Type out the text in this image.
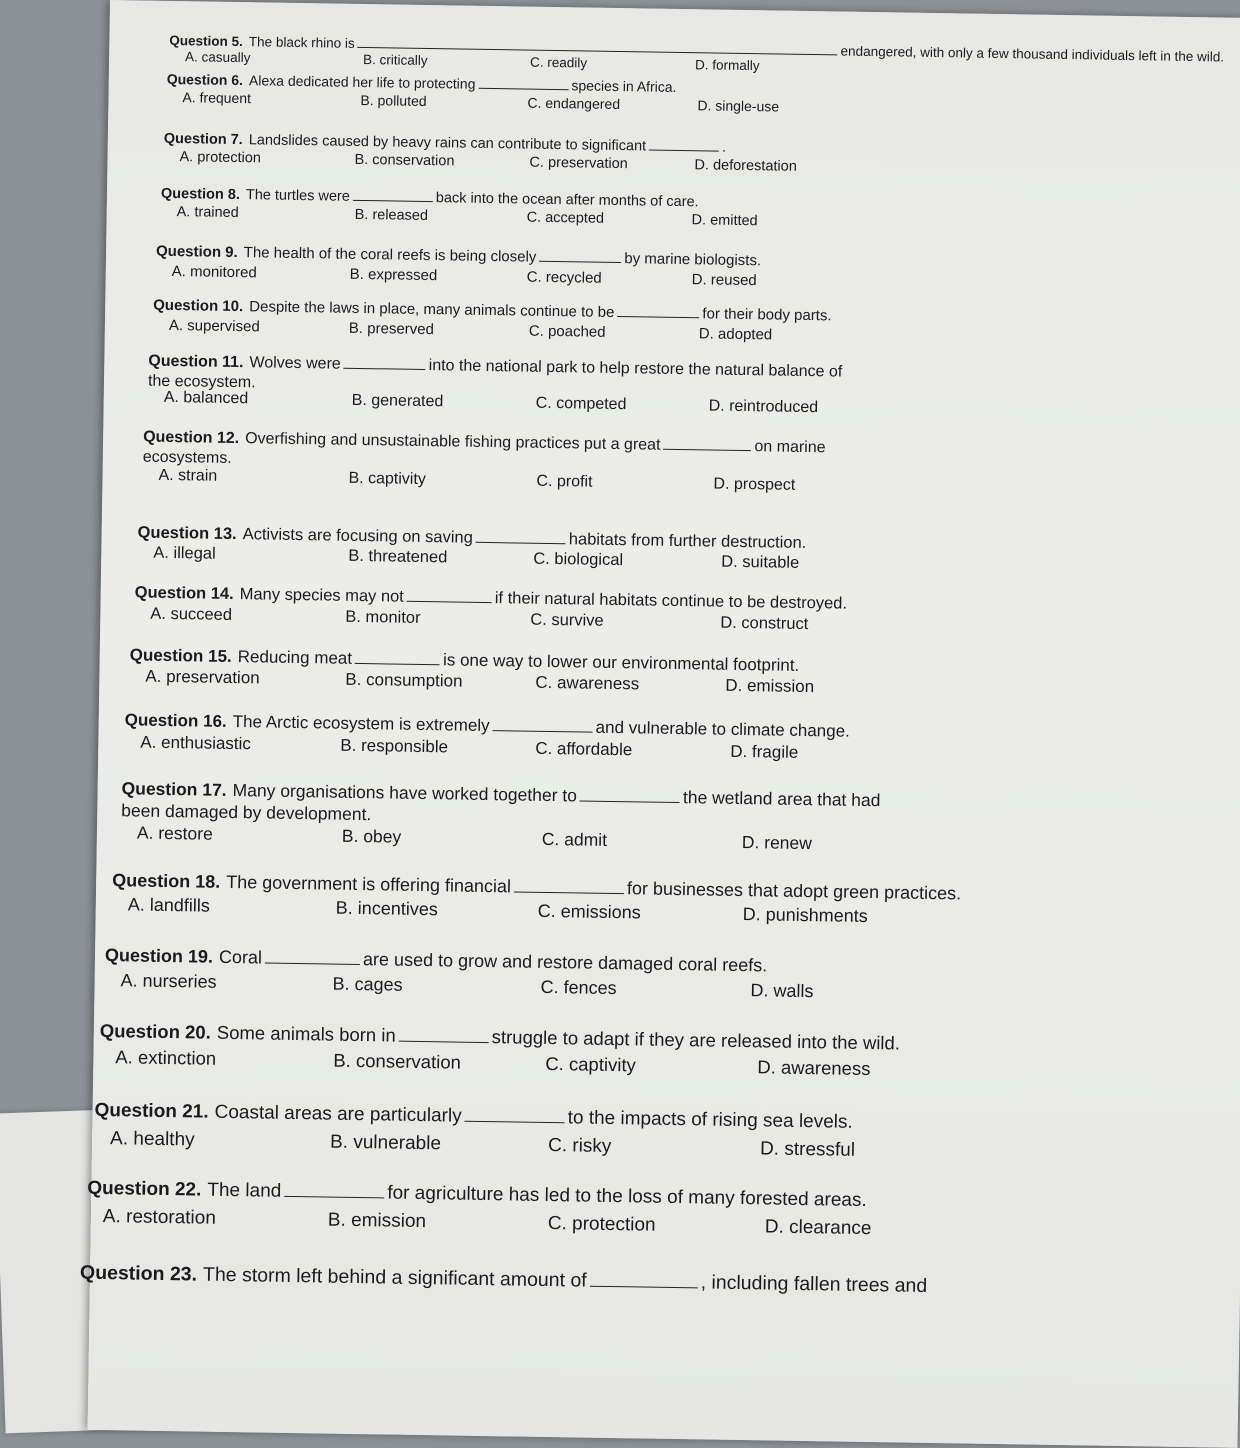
Question 5. The black rhino is
endangered, with only a few thousand individuals left in the wild.
A. casually	B. critically	C. readily	D. formally
Question 6. Alexa dedicated her life to protecting	species in Africa.
A. frequent	B. polluted	C. endangered	D. single-use
Question 7. Landslides caused by heavy rains can contribute to significant	.
A. protection	B. conservation	C. preservation	D. deforestation
Question 8. The turtles were	back into the ocean after months of care.
A. trained	B. released	C. accepted	D. emitted
Question 9. The health of the coral reefs is being closely	by marine biologists.
A. monitored	B. expressed	C. recycled	D. reused
Question 10. Despite the laws in place, many animals continue to be	for their body parts.
A. supervised	B. preserved	C. poached	D. adopted
Question 11. Wolves were	into the national park to help restore the natural balance of
the ecosystem.
A. balanced	B. generated	C. competed	D. reintroduced
Question 12. Overfishing and unsustainable fishing practices put a great	on marine
ecosystems.
A. strain	B. captivity	C. profit	D. prospect
Question 13. Activists are focusing on saving	habitats from further destruction.
A. illegal	B. threatened	C. biological	D. suitable
Question 14. Many species may not	if their natural habitats continue to be destroyed.
A. succeed	B. monitor	C. survive	D. construct
Question 15. Reducing meat	is one way to lower our environmental footprint.
A. preservation	B. consumption	C. awareness	D. emission
Question 16. The Arctic ecosystem is extremely	and vulnerable to climate change.
A. enthusiastic	B. responsible	C. affordable	D. fragile
Question 17. Many organisations have worked together to	the wetland area that had
been damaged by development.
A. restore	B. obey	C. admit	D. renew
Question 18. The government is offering financial	for businesses that adopt green practices.
A. landfills	B. incentives	C. emissions	D. punishments
Question 19. Coral	are used to grow and restore damaged coral reefs.
A. nurseries	B. cages	C. fences	D. walls
Question 20. Some animals born in	struggle to adapt if they are released into the wild.
A. extinction	B. conservation	C. captivity	D. awareness
Question 21. Coastal areas are particularly	to the impacts of rising sea levels.
A. healthy	B. vulnerable	C. risky	D. stressful
Question 22. The land	for agriculture has led to the loss of many forested areas.
A. restoration	B. emission	C. protection	D. clearance
Question 23. The storm left behind a significant amount of	, including fallen trees and
